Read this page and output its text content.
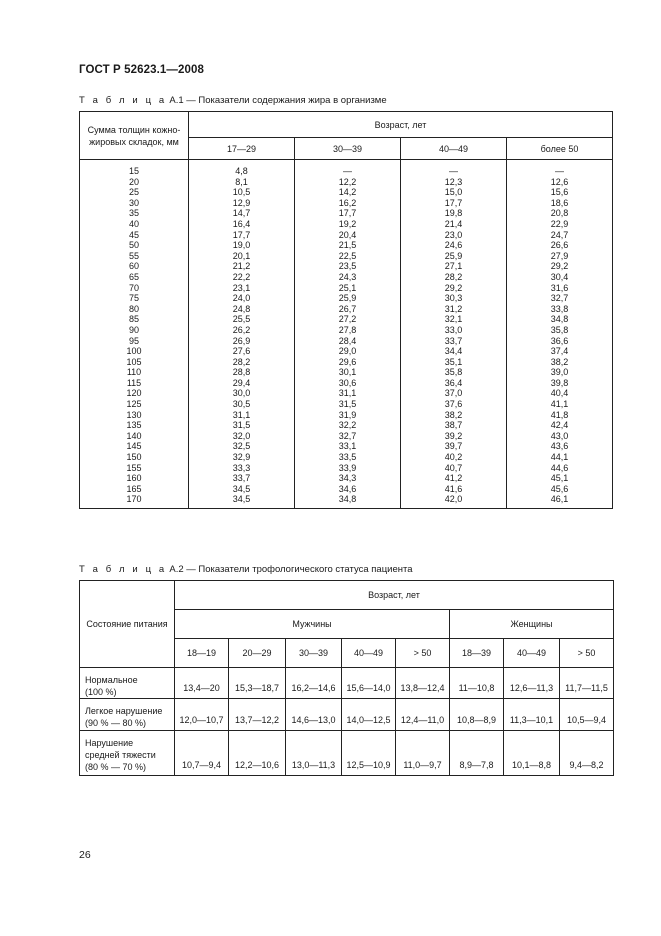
ГОСТ Р 52623.1—2008
Т а б л и ц а А.1 — Показатели содержания жира в организме
Сумма толщин кожно-жировых складок, мм	Возраст, лет			
	17—29	30—39	40—49	более 50
15	4,8	—	—	—
20	8,1	12,2	12,3	12,6
25	10,5	14,2	15,0	15,6
30	12,9	16,2	17,7	18,6
35	14,7	17,7	19,8	20,8
40	16,4	19,2	21,4	22,9
45	17,7	20,4	23,0	24,7
50	19,0	21,5	24,6	26,6
55	20,1	22,5	25,9	27,9
60	21,2	23,5	27,1	29,2
65	22,2	24,3	28,2	30,4
70	23,1	25,1	29,2	31,6
75	24,0	25,9	30,3	32,7
80	24,8	26,7	31,2	33,8
85	25,5	27,2	32,1	34,8
90	26,2	27,8	33,0	35,8
95	26,9	28,4	33,7	36,6
100	27,6	29,0	34,4	37,4
105	28,2	29,6	35,1	38,2
110	28,8	30,1	35,8	39,0
115	29,4	30,6	36,4	39,8
120	30,0	31,1	37,0	40,4
125	30,5	31,5	37,6	41,1
130	31,1	31,9	38,2	41,8
135	31,5	32,2	38,7	42,4
140	32,0	32,7	39,2	43,0
145	32,5	33,1	39,7	43,6
150	32,9	33,5	40,2	44,1
155	33,3	33,9	40,7	44,6
160	33,7	34,3	41,2	45,1
165	34,5	34,6	41,6	45,6
170	34,5	34,8	42,0	46,1
Т а б л и ц а А.2 — Показатели трофологического статуса пациента
Состояние питания	Возраст, лет							
	Мужчины					Женщины		
	18—19	20—29	30—39	40—49	> 50	18—39	40—49	> 50

Нормальное
(100 %)	13,4—20	15,3—18,7	16,2—14,6	15,6—14,0	13,8—12,4	11—10,8	12,6—11,3	11,7—11,5

Легкое нарушение
(90 % — 80 %)	12,0—10,7	13,7—12,2	14,6—13,0	14,0—12,5	12,4—11,0	10,8—8,9	11,3—10,1	10,5—9,4

Нарушение
средней тяжести
(80 % — 70 %)	10,7—9,4	12,2—10,6	13,0—11,3	12,5—10,9	11,0—9,7	8,9—7,8	10,1—8,8	9,4—8,2
26
